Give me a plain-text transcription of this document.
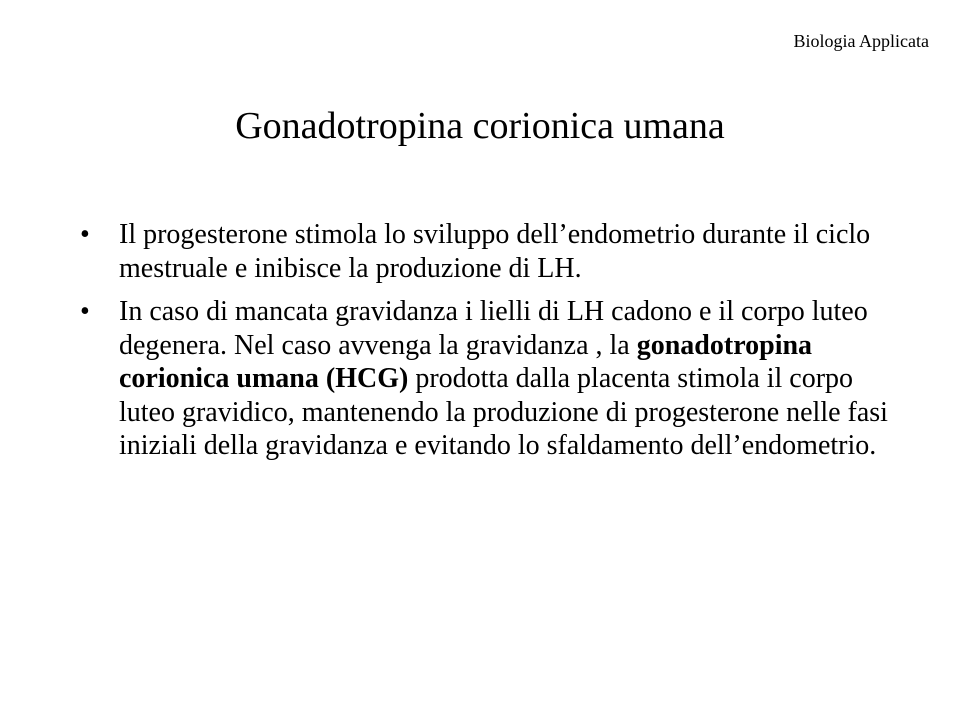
Biologia Applicata
Gonadotropina corionica umana
• Il progesterone stimola lo sviluppo dell’endometrio durante il ciclo mestruale e inibisce la produzione di LH.
• In caso di mancata gravidanza i lielli di LH cadono e il corpo luteo degenera. Nel caso avvenga la gravidanza , la gonadotropina corionica umana (HCG) prodotta dalla placenta stimola il corpo luteo gravidico, mantenendo la produzione di progesterone nelle fasi iniziali della gravidanza e evitando lo sfaldamento dell’endometrio.
